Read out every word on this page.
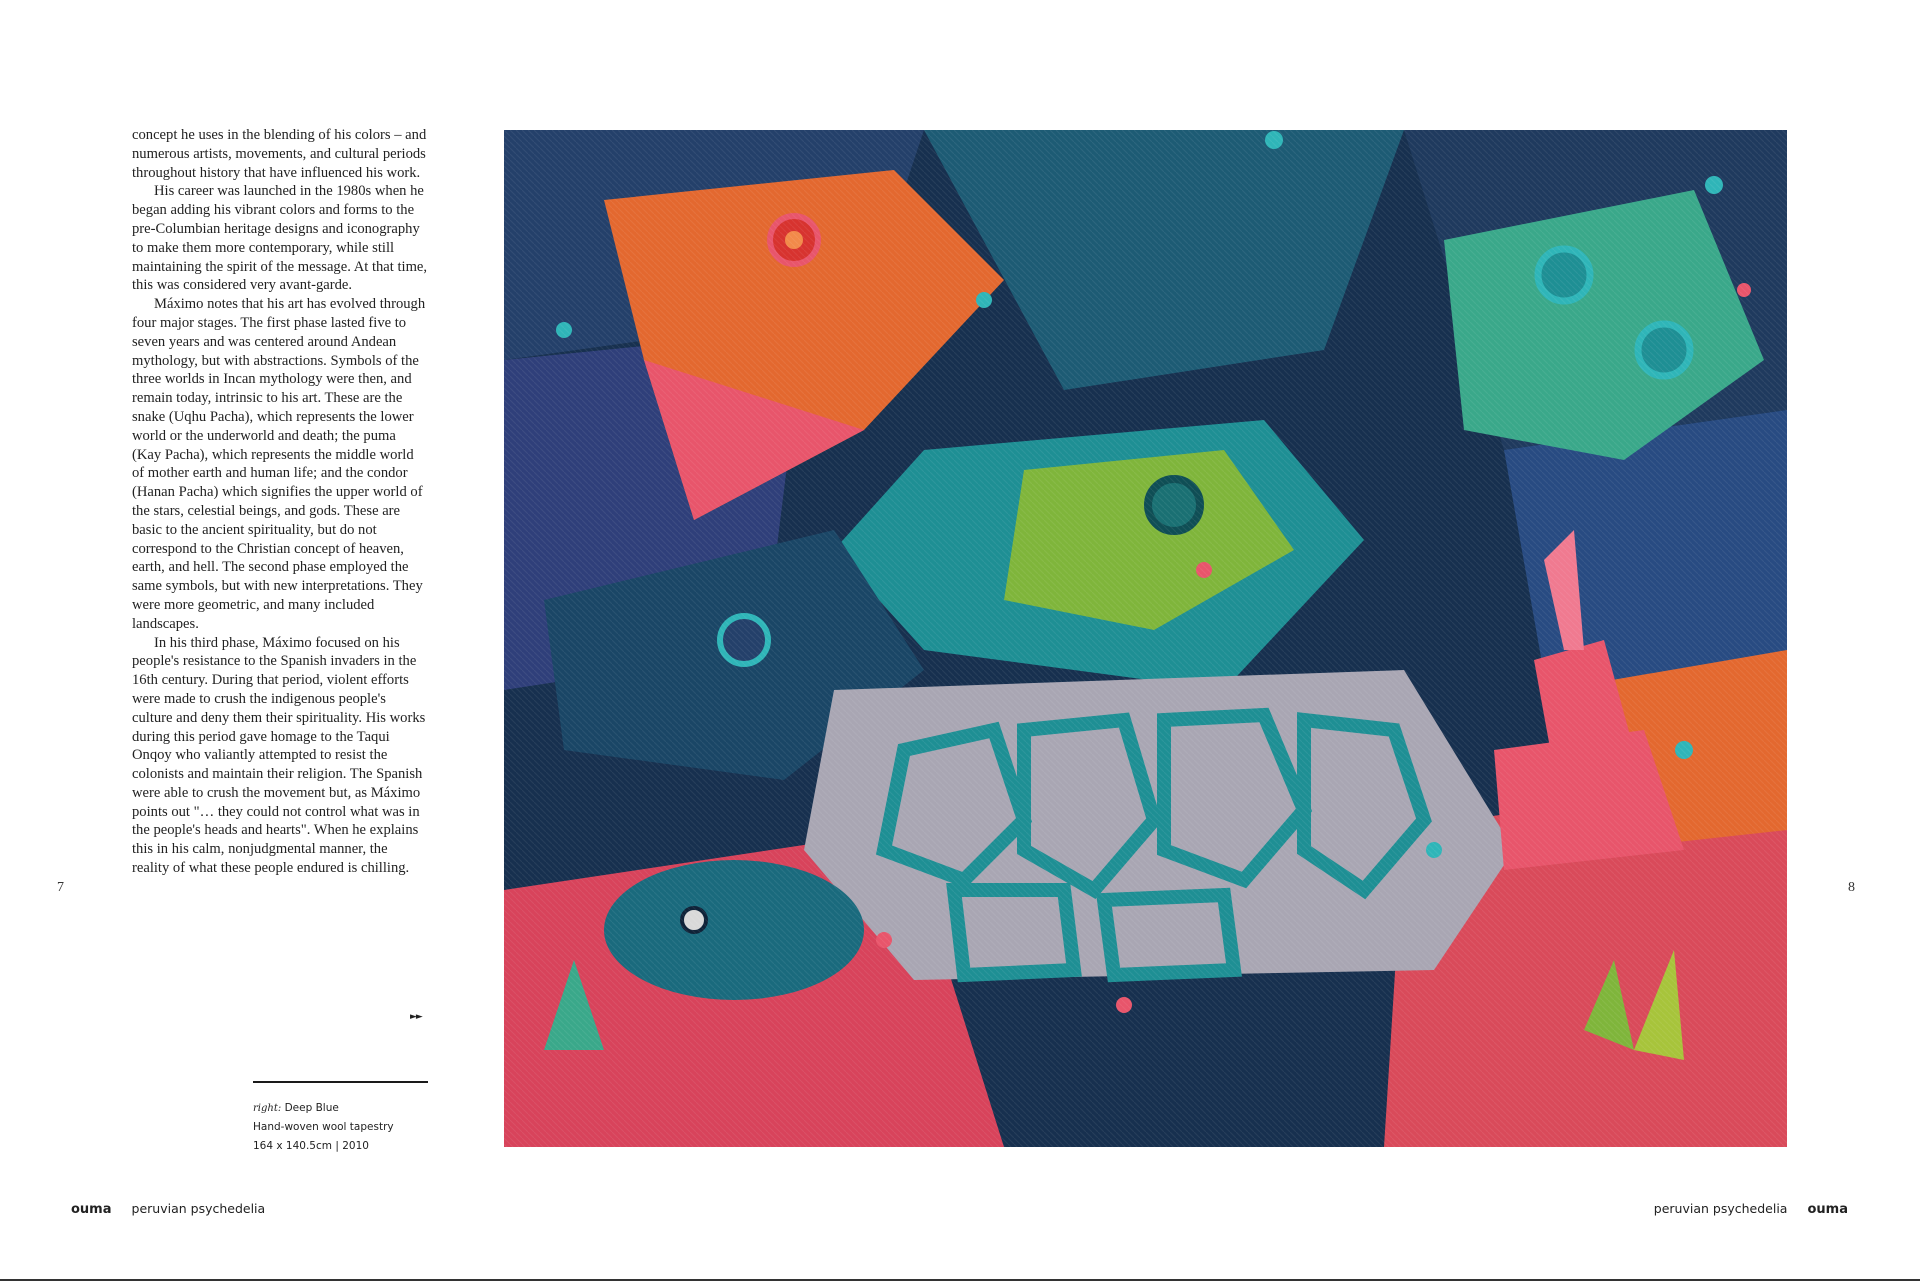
concept he uses in the blending of his colors – and numerous artists, movements, and cultural periods throughout history that have influenced his work.

His career was launched in the 1980s when he began adding his vibrant colors and forms to the pre-Columbian heritage designs and iconography to make them more contemporary, while still maintaining the spirit of the message. At that time, this was considered very avant-garde.

Máximo notes that his art has evolved through four major stages. The first phase lasted five to seven years and was centered around Andean mythology, but with abstractions. Symbols of the three worlds in Incan mythology were then, and remain today, intrinsic to his art. These are the snake (Uqhu Pacha), which represents the lower world or the underworld and death; the puma (Kay Pacha), which represents the middle world of mother earth and human life; and the condor (Hanan Pacha) which signifies the upper world of the stars, celestial beings, and gods. These are basic to the ancient spirituality, but do not correspond to the Christian concept of heaven, earth, and hell. The second phase employed the same symbols, but with new interpretations. They were more geometric, and many included landscapes.

In his third phase, Máximo focused on his people's resistance to the Spanish invaders in the 16th century. During that period, violent efforts were made to crush the indigenous people's culture and deny them their spirituality. His works during this period gave homage to the Taqui Onqoy who valiantly attempted to resist the colonists and maintain their religion. The Spanish were able to crush the movement but, as Máximo points out "… they could not control what was in the people's heads and hearts". When he explains this in his calm, nonjudgmental manner, the reality of what these people endured is chilling.

►►
right: Deep Blue
Hand-woven wool tapestry
164 x 140.5cm | 2010
7	8
ouma peruvian psychedelia	peruvian psychedelia ouma
